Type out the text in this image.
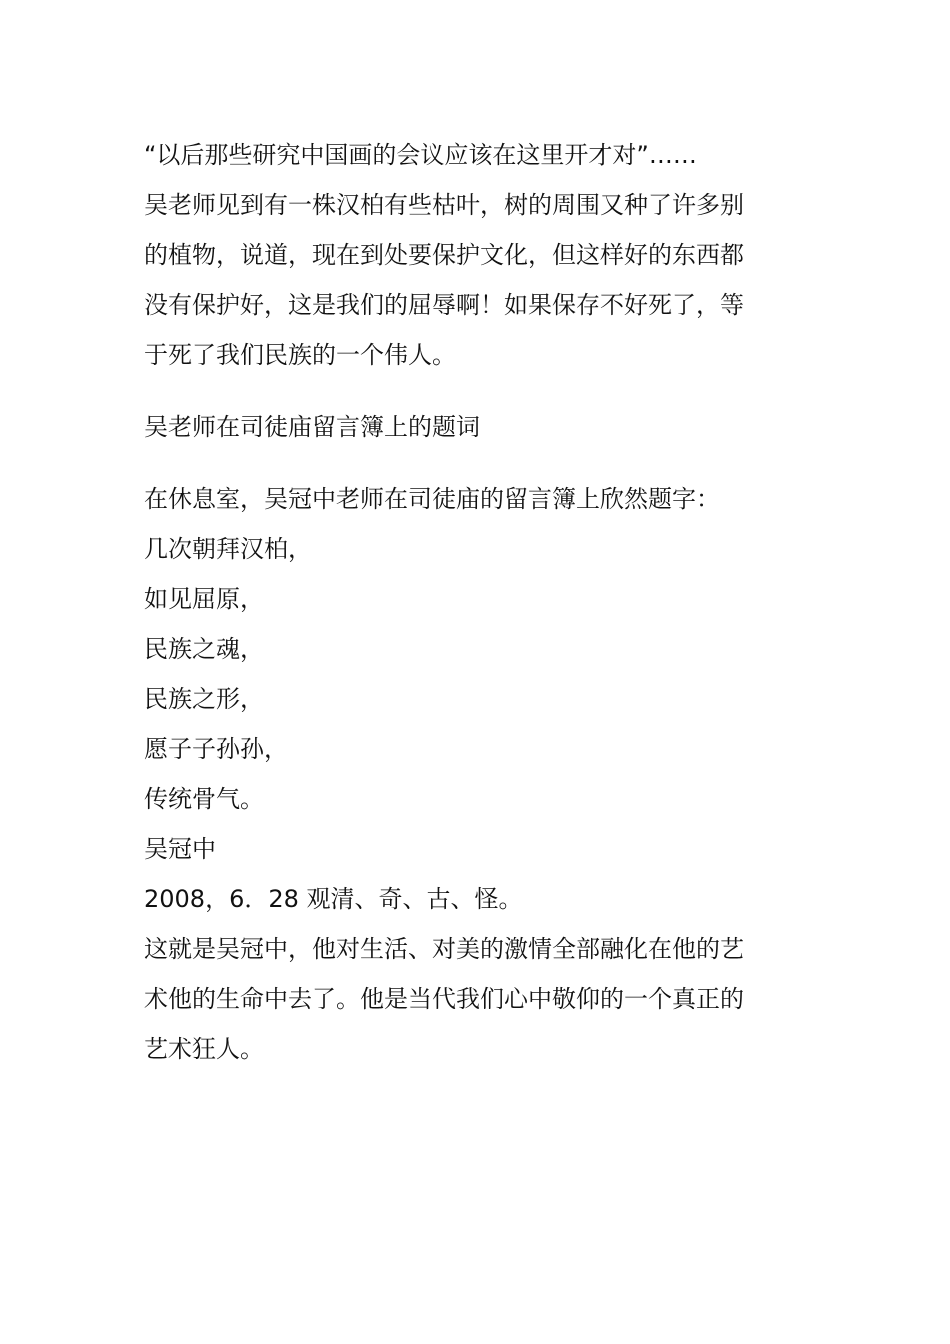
“以后那些研究中国画的会议应该在这里开才对”……

吴老师见到有一株汉柏有些枯叶，树的周围又种了许多别

的植物，说道，现在到处要保护文化，但这样好的东西都

没有保护好，这是我们的屈辱啊！如果保存不好死了，等

于死了我们民族的一个伟人。

吴老师在司徒庙留言簿上的题词

在休息室，吴冠中老师在司徒庙的留言簿上欣然题字：

几次朝拜汉柏，

如见屈原，

民族之魂，

民族之形，

愿子子孙孙，

传统骨气。

吴冠中

2008，6．28 观清、奇、古、怪。

这就是吴冠中，他对生活、对美的激情全部融化在他的艺

术他的生命中去了。他是当代我们心中敬仰的一个真正的

艺术狂人。
